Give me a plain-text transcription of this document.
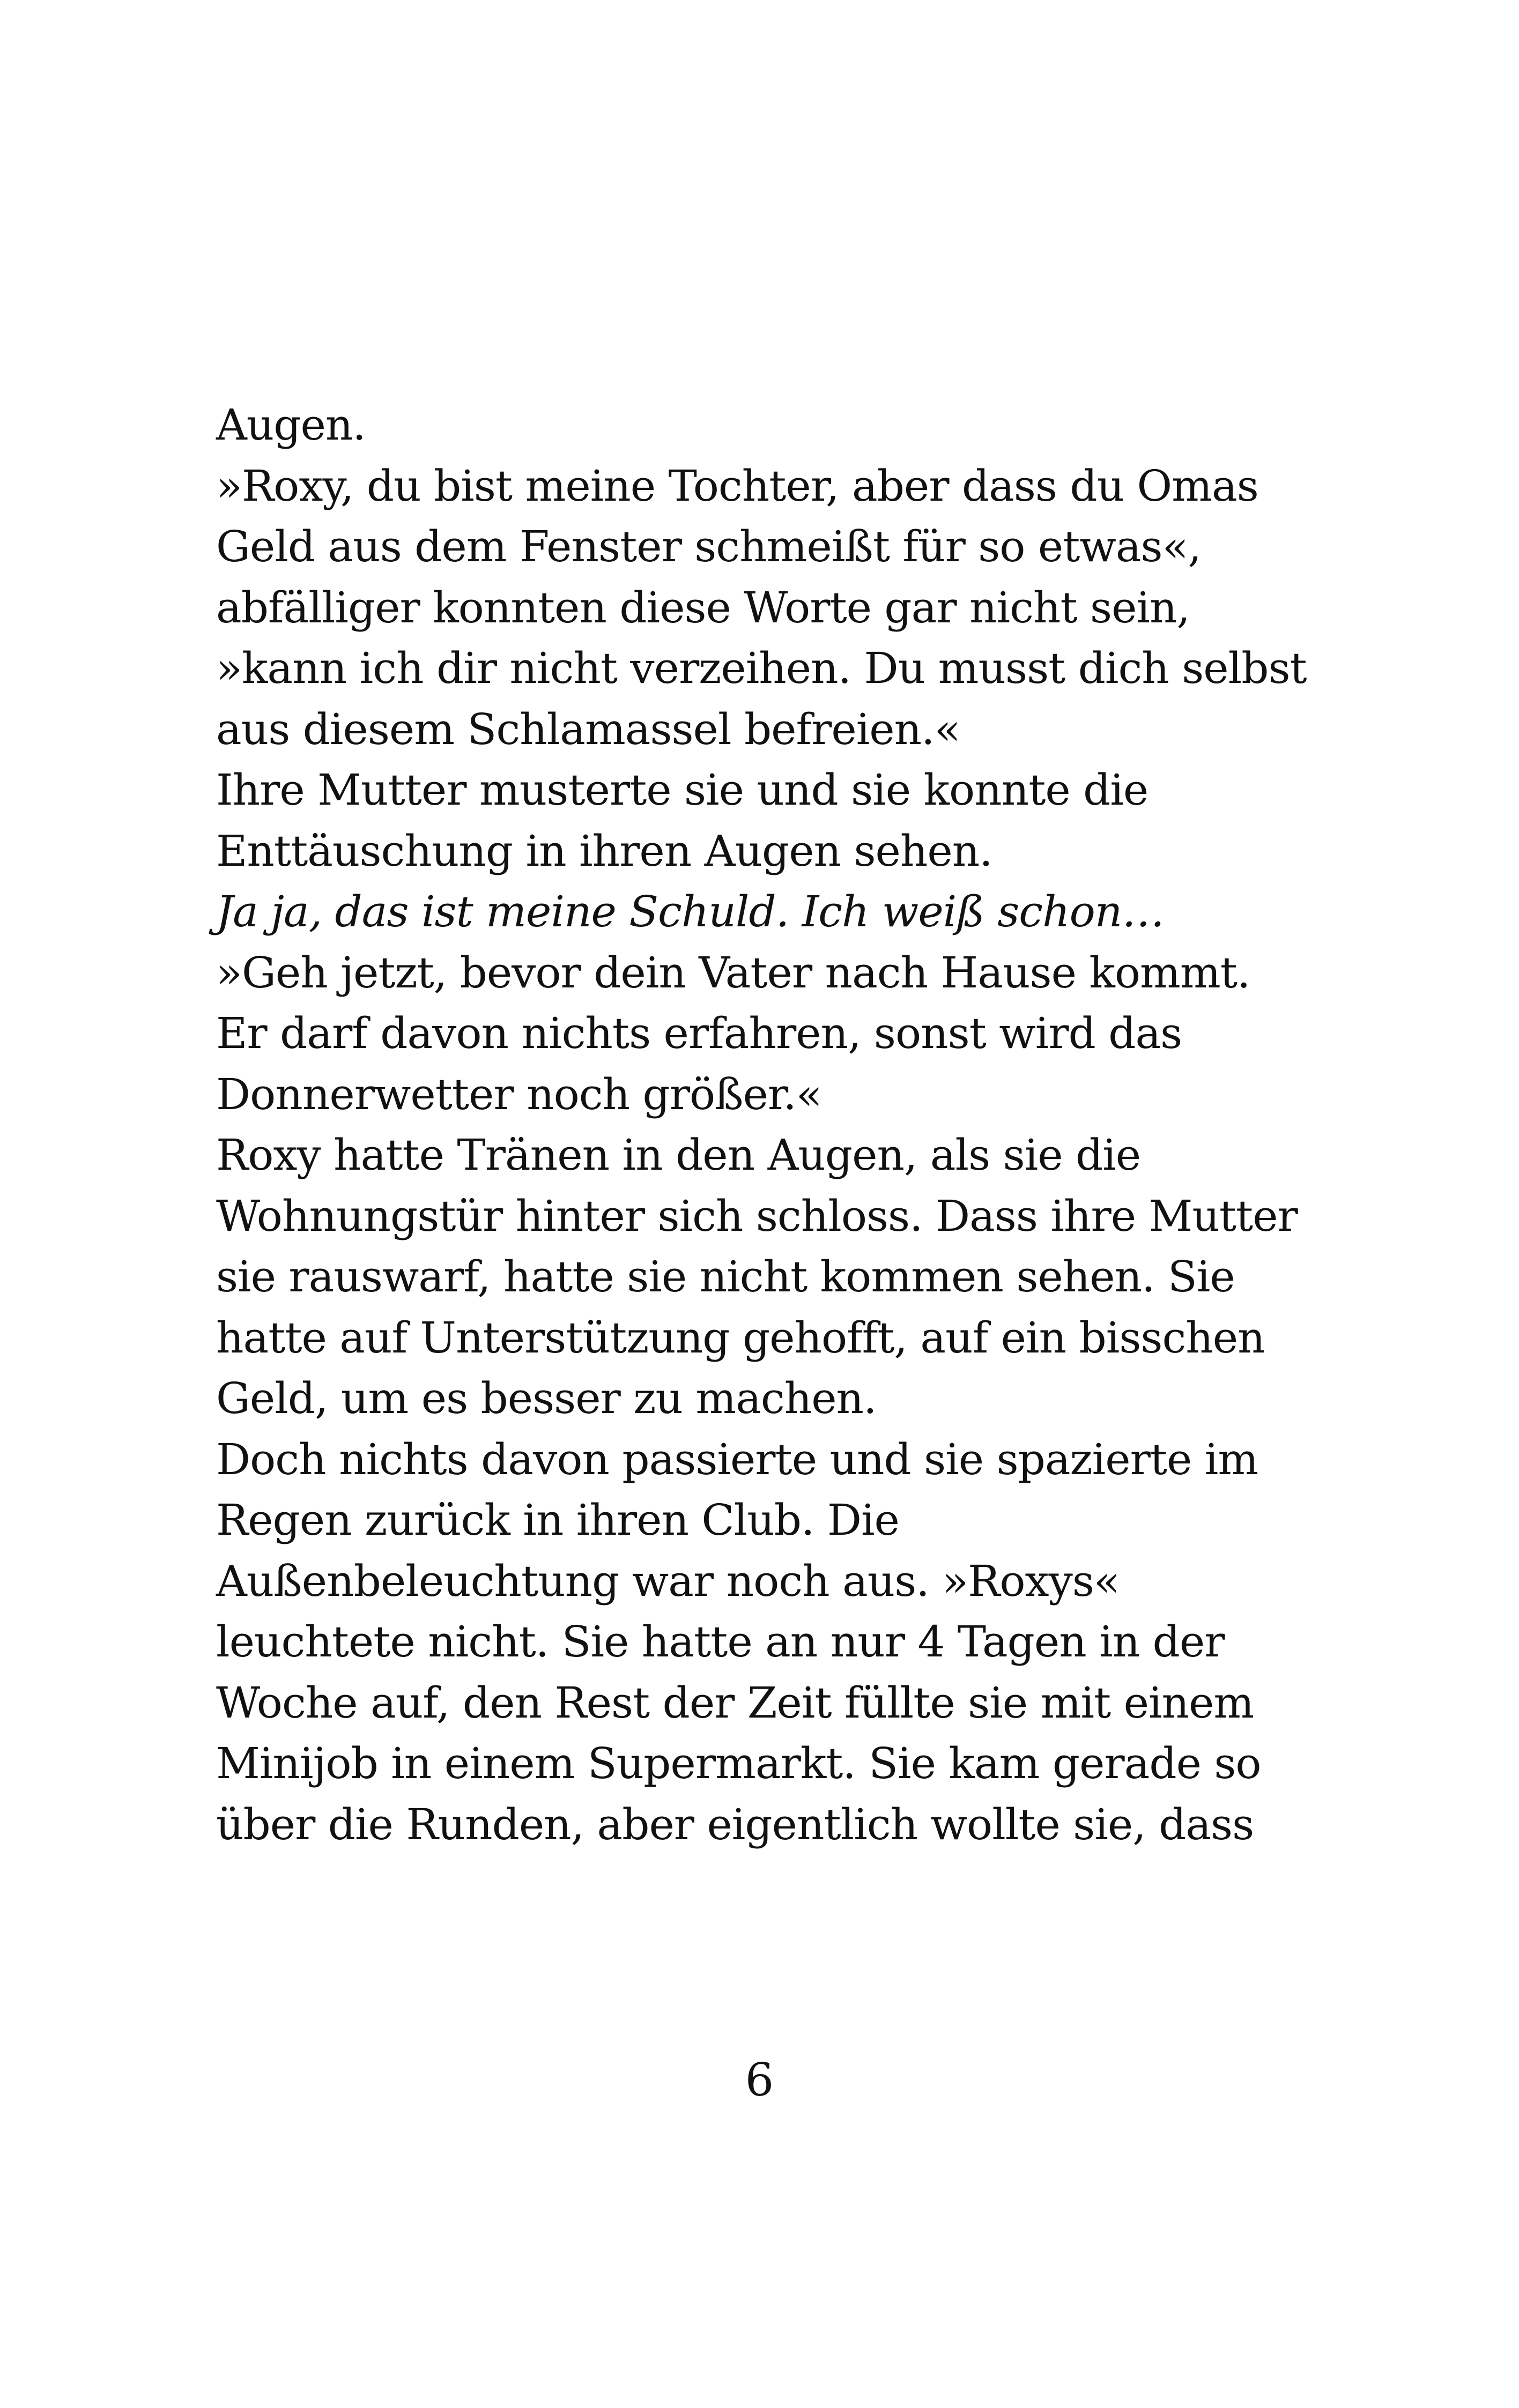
Augen.
»Roxy, du bist meine Tochter, aber dass du Omas
Geld aus dem Fenster schmeißt für so etwas«,
abfälliger konnten diese Worte gar nicht sein,
»kann ich dir nicht verzeihen. Du musst dich selbst
aus diesem Schlamassel befreien.«
Ihre Mutter musterte sie und sie konnte die
Enttäuschung in ihren Augen sehen.
Ja ja, das ist meine Schuld. Ich weiß schon…
»Geh jetzt, bevor dein Vater nach Hause kommt.
Er darf davon nichts erfahren, sonst wird das
Donnerwetter noch größer.«
Roxy hatte Tränen in den Augen, als sie die
Wohnungstür hinter sich schloss. Dass ihre Mutter
sie rauswarf, hatte sie nicht kommen sehen. Sie
hatte auf Unterstützung gehofft, auf ein bisschen
Geld, um es besser zu machen.
Doch nichts davon passierte und sie spazierte im
Regen zurück in ihren Club. Die
Außenbeleuchtung war noch aus. »Roxys«
leuchtete nicht. Sie hatte an nur 4 Tagen in der
Woche auf, den Rest der Zeit füllte sie mit einem
Minijob in einem Supermarkt. Sie kam gerade so
über die Runden, aber eigentlich wollte sie, dass
6
